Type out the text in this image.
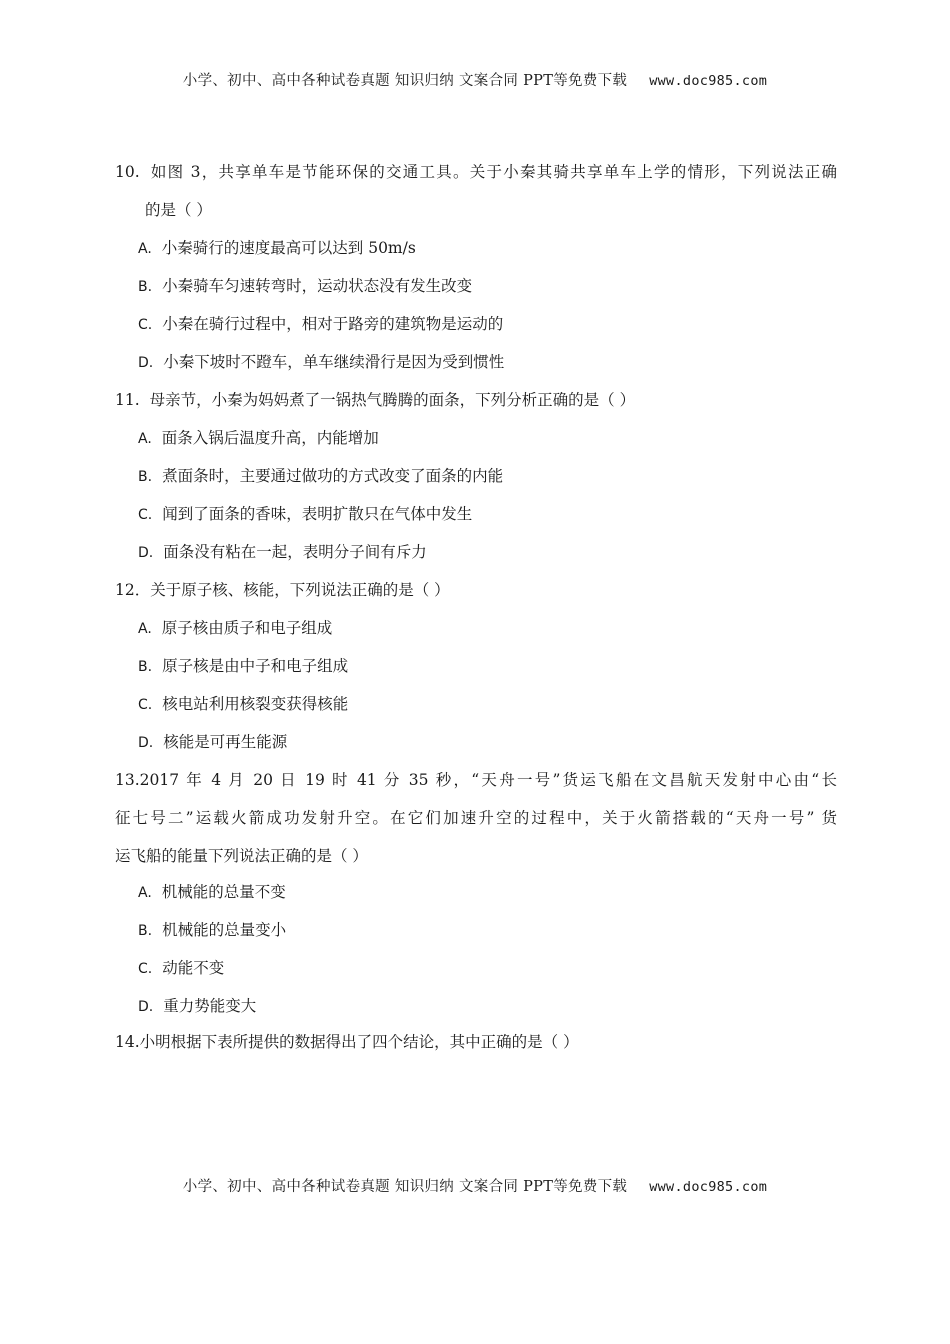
小学、初中、高中各种试卷真题 知识归纳 文案合同 PPT等免费下载 www.doc985.com
10. 如图 3，共享单车是节能环保的交通工具。关于小秦其骑共享单车上学的情形，下列说法正确
的是（ ）
A. 小秦骑行的速度最高可以达到 50m/s
B. 小秦骑车匀速转弯时，运动状态没有发生改变
C. 小秦在骑行过程中，相对于路旁的建筑物是运动的
D. 小秦下坡时不蹬车，单车继续滑行是因为受到惯性
11. 母亲节，小秦为妈妈煮了一锅热气腾腾的面条，下列分析正确的是（ ）
A. 面条入锅后温度升高，内能增加
B. 煮面条时，主要通过做功的方式改变了面条的内能
C. 闻到了面条的香味，表明扩散只在气体中发生
D. 面条没有粘在一起，表明分子间有斥力
12．关于原子核、核能，下列说法正确的是（ ）
A. 原子核由质子和电子组成
B. 原子核是由中子和电子组成
C. 核电站利用核裂变获得核能
D. 核能是可再生能源
13.2017 年 4 月 20 日 19 时 41 分 35 秒，“天舟一号”货运飞船在文昌航天发射中心由“长
征七号二”运载火箭成功发射升空。在它们加速升空的过程中，关于火箭搭载的“天舟一号” 货
运飞船的能量下列说法正确的是（ ）
A. 机械能的总量不变
B. 机械能的总量变小
C. 动能不变
D. 重力势能变大
14.小明根据下表所提供的数据得出了四个结论，其中正确的是（ ）
小学、初中、高中各种试卷真题 知识归纳 文案合同 PPT等免费下载 www.doc985.com
